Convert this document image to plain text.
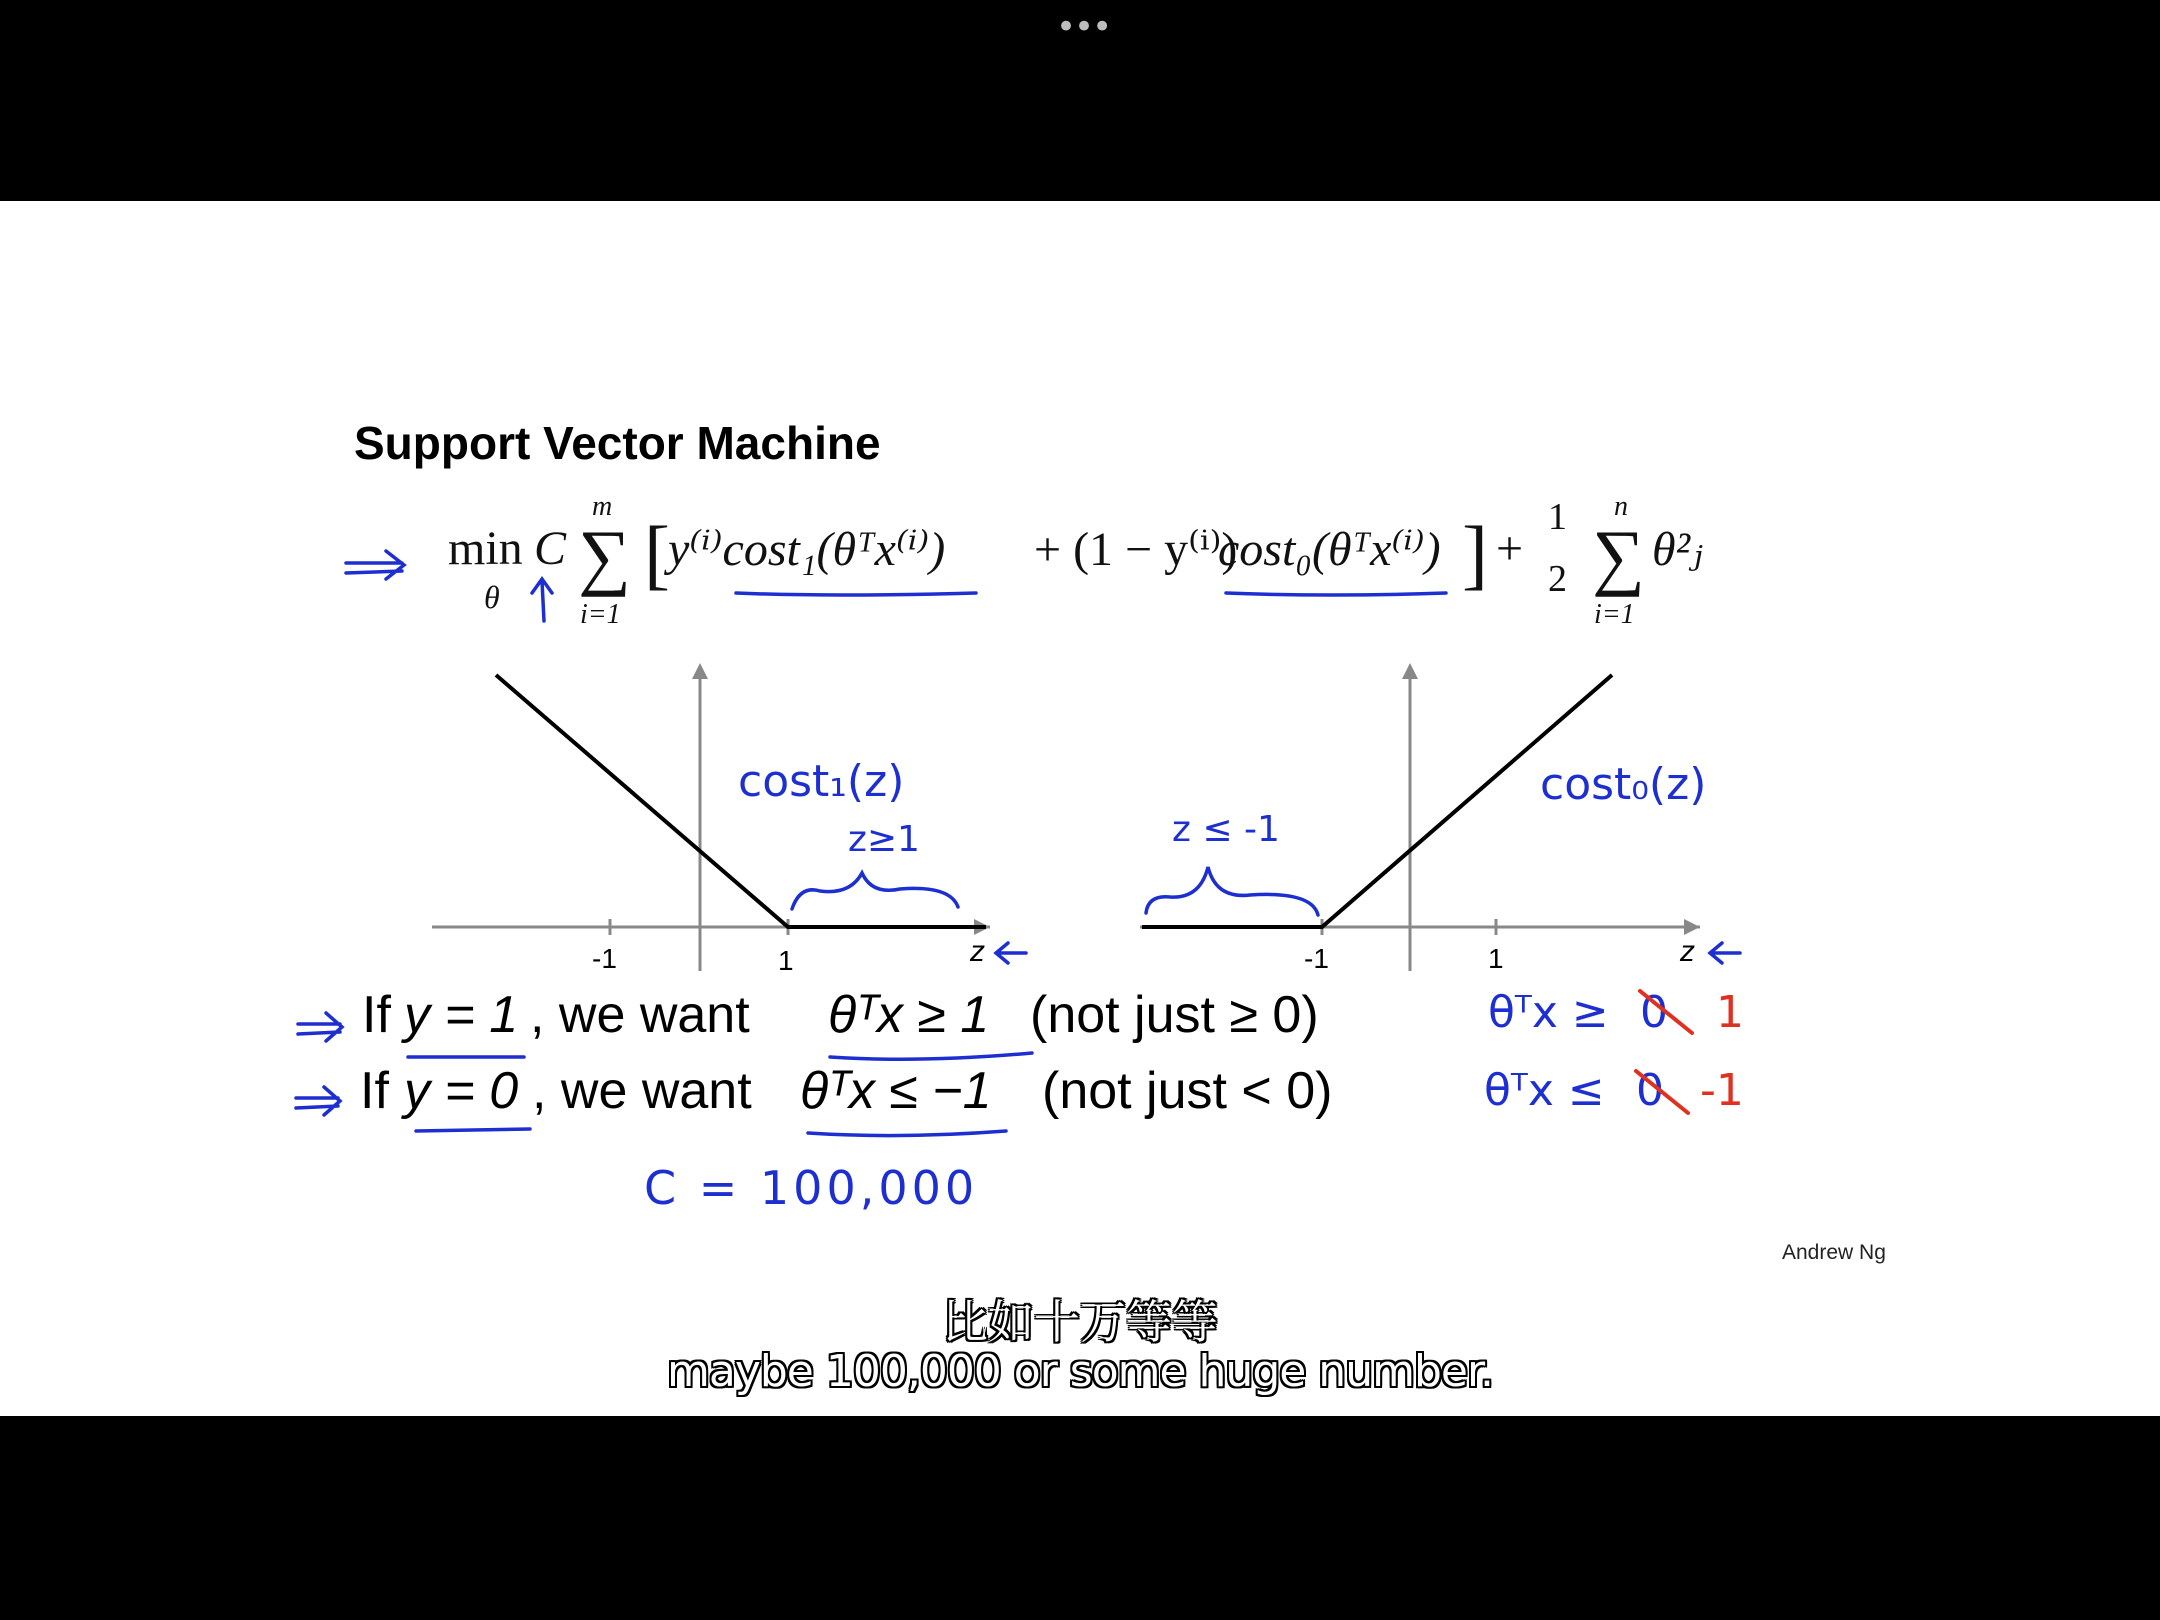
•••
Support Vector Machine
min
θ
C
m
∑
i=1
[
y⁽ⁱ⁾cost₁(θᵀx⁽ⁱ⁾) + (1 − y⁽ⁱ⁾)
cost₀(θᵀx⁽ⁱ⁾) ] +
1
2
n
∑
i=1
θ²ⱼ
cost₁(z)
z≥1
cost₀(z)
z ≤ -1
-1	1	z	-1	1	z
If y = 1 , we want θᵀx ≥ 1 (not just ≥ 0)
If y = 0 , we want θᵀx ≤ −1 (not just < 0)
θᵀx ≥ 0 1
θᵀx ≤ 0 -1
C = 100,000
Andrew Ng
比如十万等等
maybe 100,000 or some huge number.
